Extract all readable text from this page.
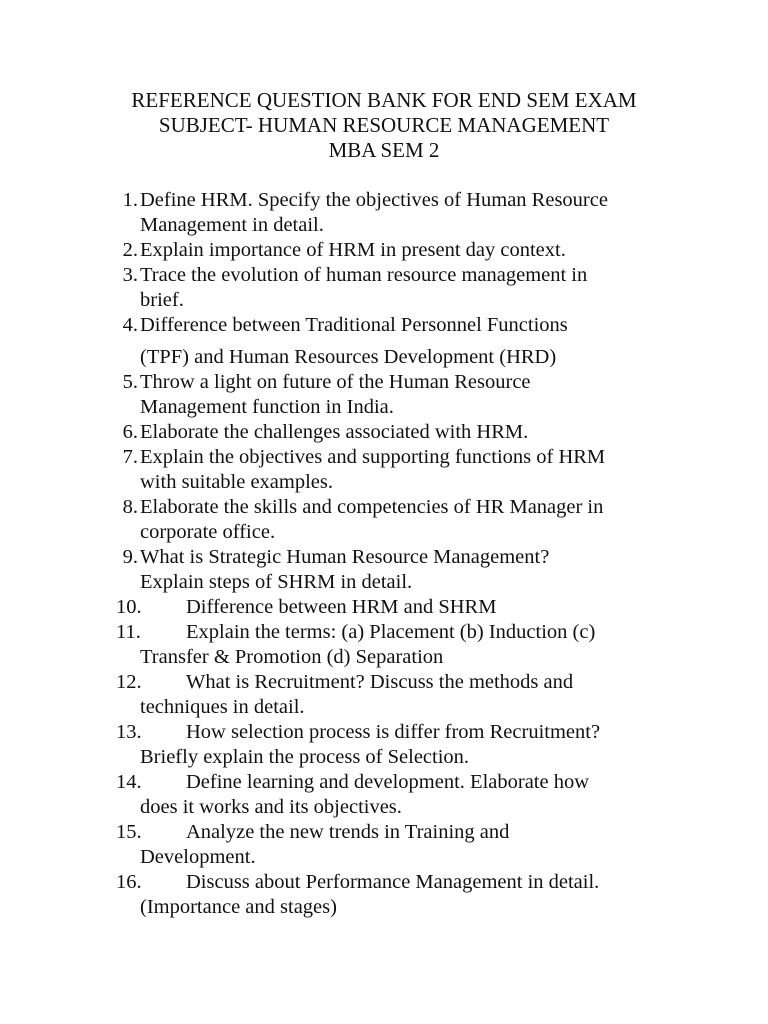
REFERENCE QUESTION BANK FOR END SEM EXAM
SUBJECT- HUMAN RESOURCE MANAGEMENT
MBA SEM 2
1. Define HRM. Specify the objectives of Human Resource
Management in detail.
2. Explain importance of HRM in present day context.
3. Trace the evolution of human resource management in
brief.
4. Difference between Traditional Personnel Functions
(TPF) and Human Resources Development (HRD)
5. Throw a light on future of the Human Resource
Management function in India.
6. Elaborate the challenges associated with HRM.
7. Explain the objectives and supporting functions of HRM
with suitable examples.
8. Elaborate the skills and competencies of HR Manager in
corporate office.
9. What is Strategic Human Resource Management?
Explain steps of SHRM in detail.
10. Difference between HRM and SHRM
11. Explain the terms: (a) Placement (b) Induction (c)
Transfer & Promotion (d) Separation
12. What is Recruitment? Discuss the methods and
techniques in detail.
13. How selection process is differ from Recruitment?
Briefly explain the process of Selection.
14. Define learning and development. Elaborate how
does it works and its objectives.
15. Analyze the new trends in Training and
Development.
16. Discuss about Performance Management in detail.
(Importance and stages)
